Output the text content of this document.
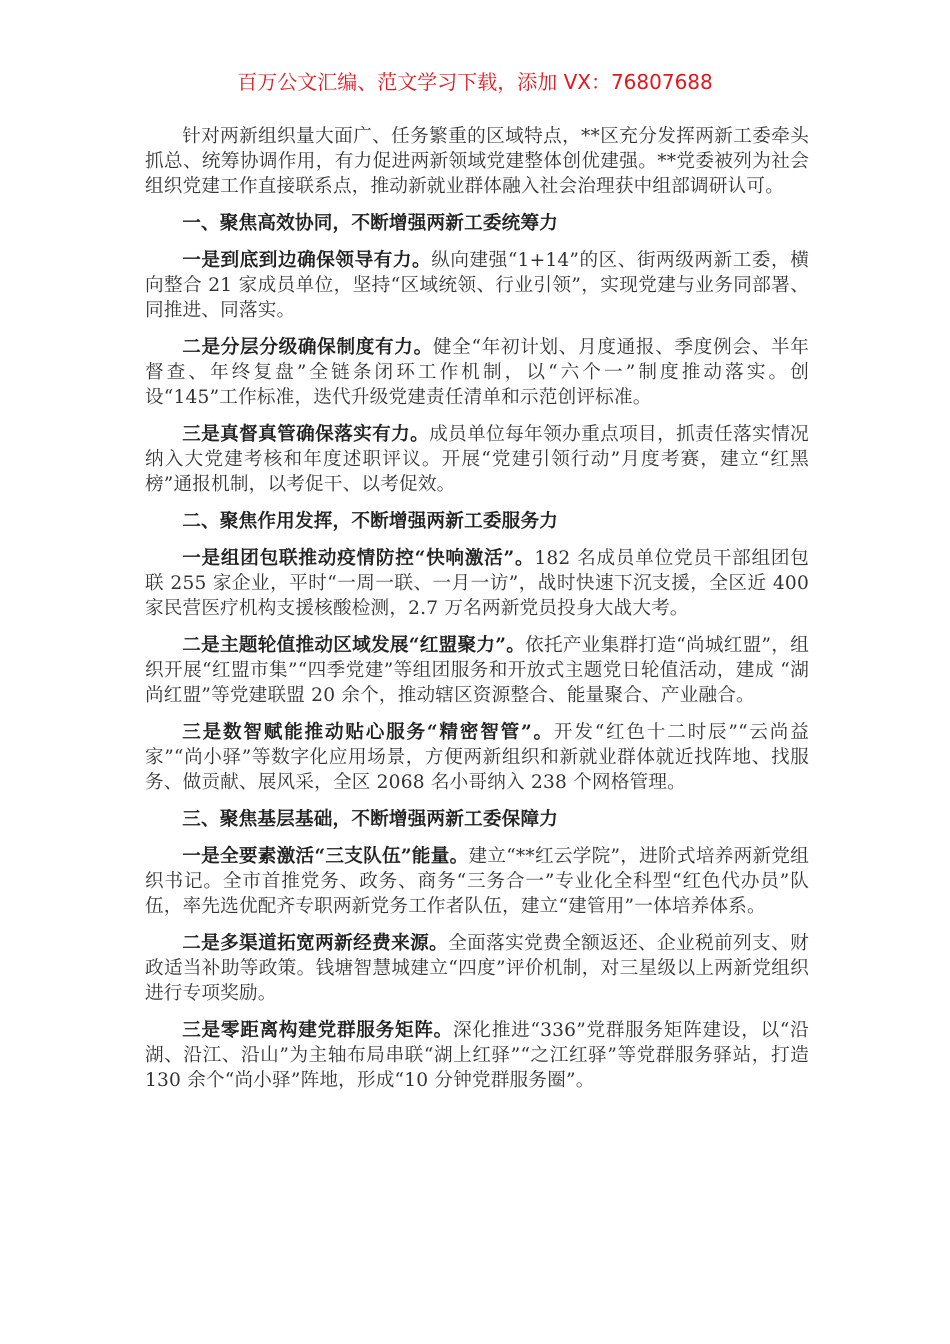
百万公文汇编、范文学习下载，添加 VX：76807688

针对两新组织量大面广、任务繁重的区域特点，**区充分发挥两新工委牵头抓总、统筹协调作用，有力促进两新领域党建整体创优建强。**党委被列为社会组织党建工作直接联系点，推动新就业群体融入社会治理获中组部调研认可。

一、聚焦高效协同，不断增强两新工委统筹力

一是到底到边确保领导有力。纵向建强“1+14”的区、街两级两新工委，横向整合 21 家成员单位，坚持“区域统领、行业引领”，实现党建与业务同部署、同推进、同落实。

二是分层分级确保制度有力。健全“年初计划、月度通报、季度例会、半年督查、年终复盘”全链条闭环工作机制，以“六个一”制度推动落实。创设“145”工作标准，迭代升级党建责任清单和示范创评标准。

三是真督真管确保落实有力。成员单位每年领办重点项目，抓责任落实情况纳入大党建考核和年度述职评议。开展“党建引领行动”月度考赛，建立“红黑榜”通报机制，以考促干、以考促效。

二、聚焦作用发挥，不断增强两新工委服务力

一是组团包联推动疫情防控“快响激活”。182 名成员单位党员干部组团包联 255 家企业，平时“一周一联、一月一访”，战时快速下沉支援，全区近 400 家民营医疗机构支援核酸检测，2.7 万名两新党员投身大战大考。

二是主题轮值推动区域发展“红盟聚力”。依托产业集群打造“尚城红盟”，组织开展“红盟市集”“四季党建”等组团服务和开放式主题党日轮值活动，建成 “湖尚红盟”等党建联盟 20 余个，推动辖区资源整合、能量聚合、产业融合。

三是数智赋能推动贴心服务“精密智管”。开发“红色十二时辰”“云尚益家”“尚小驿”等数字化应用场景，方便两新组织和新就业群体就近找阵地、找服务、做贡献、展风采，全区 2068 名小哥纳入 238 个网格管理。

三、聚焦基层基础，不断增强两新工委保障力

一是全要素激活“三支队伍”能量。建立“**红云学院”，进阶式培养两新党组织书记。全市首推党务、政务、商务“三务合一”专业化全科型“红色代办员”队伍，率先选优配齐专职两新党务工作者队伍，建立“建管用”一体培养体系。

二是多渠道拓宽两新经费来源。全面落实党费全额返还、企业税前列支、财政适当补助等政策。钱塘智慧城建立“四度”评价机制，对三星级以上两新党组织进行专项奖励。

三是零距离构建党群服务矩阵。深化推进“336”党群服务矩阵建设，以“沿湖、沿江、沿山”为主轴布局串联“湖上红驿”“之江红驿”等党群服务驿站，打造 130 余个“尚小驿”阵地，形成“10 分钟党群服务圈”。
